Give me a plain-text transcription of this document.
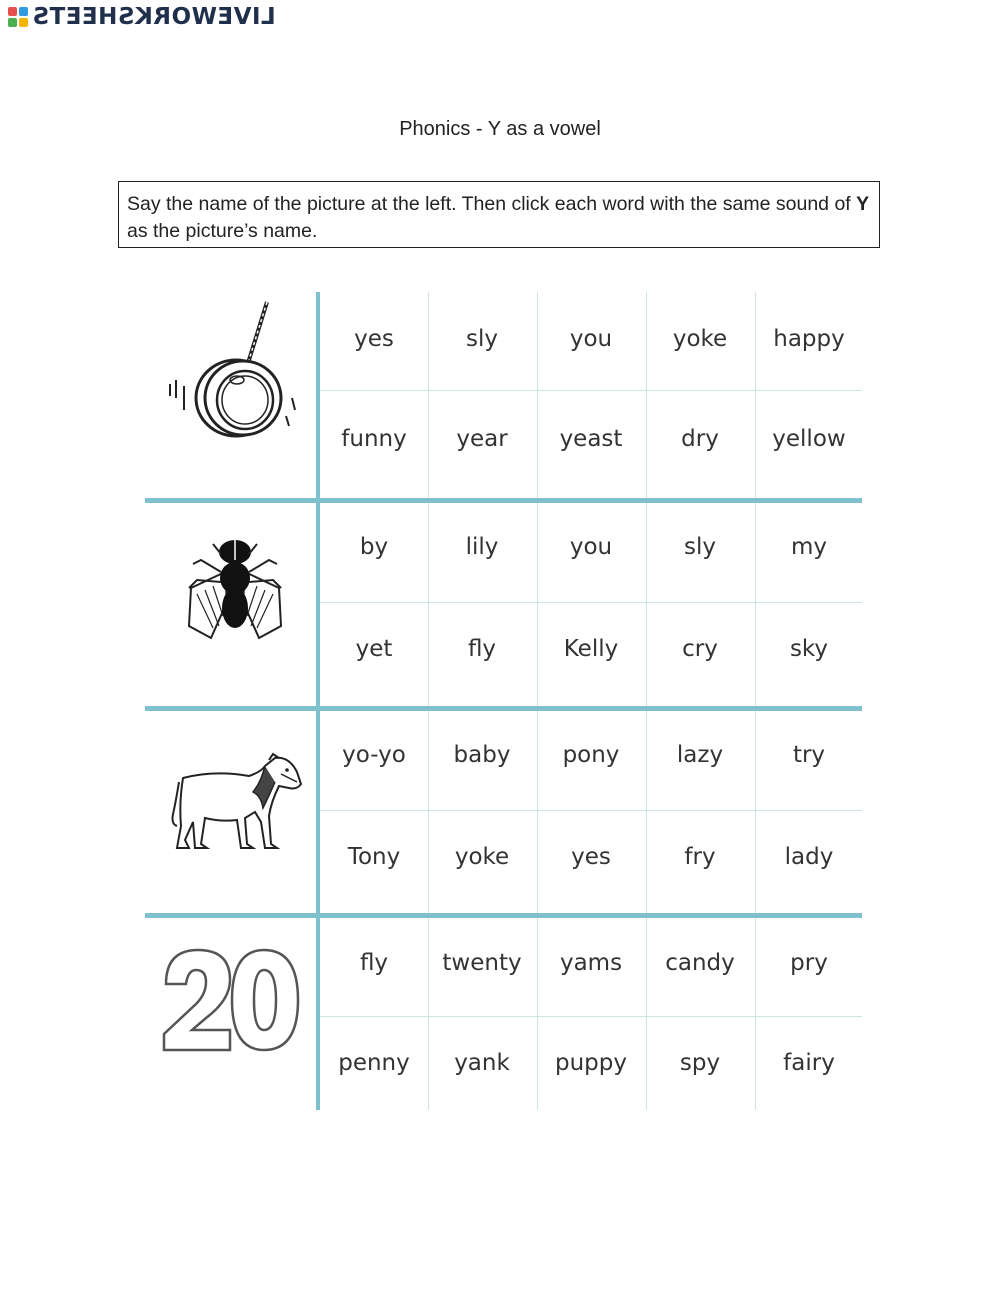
LIVEWORKSHEETS
Phonics - Y as a vowel
Say the name of the picture at the left. Then click each word with the same sound of Y as the picture’s name.
yes	sly	you	yoke	happy
funny	year	yeast	dry	yellow
by	lily	you	sly	my
yet	fly	Kelly	cry	sky
yo-yo	baby	pony	lazy	try
Tony	yoke	yes	fry	lady
fly	twenty	yams	candy	pry
penny	yank	puppy	spy	fairy
